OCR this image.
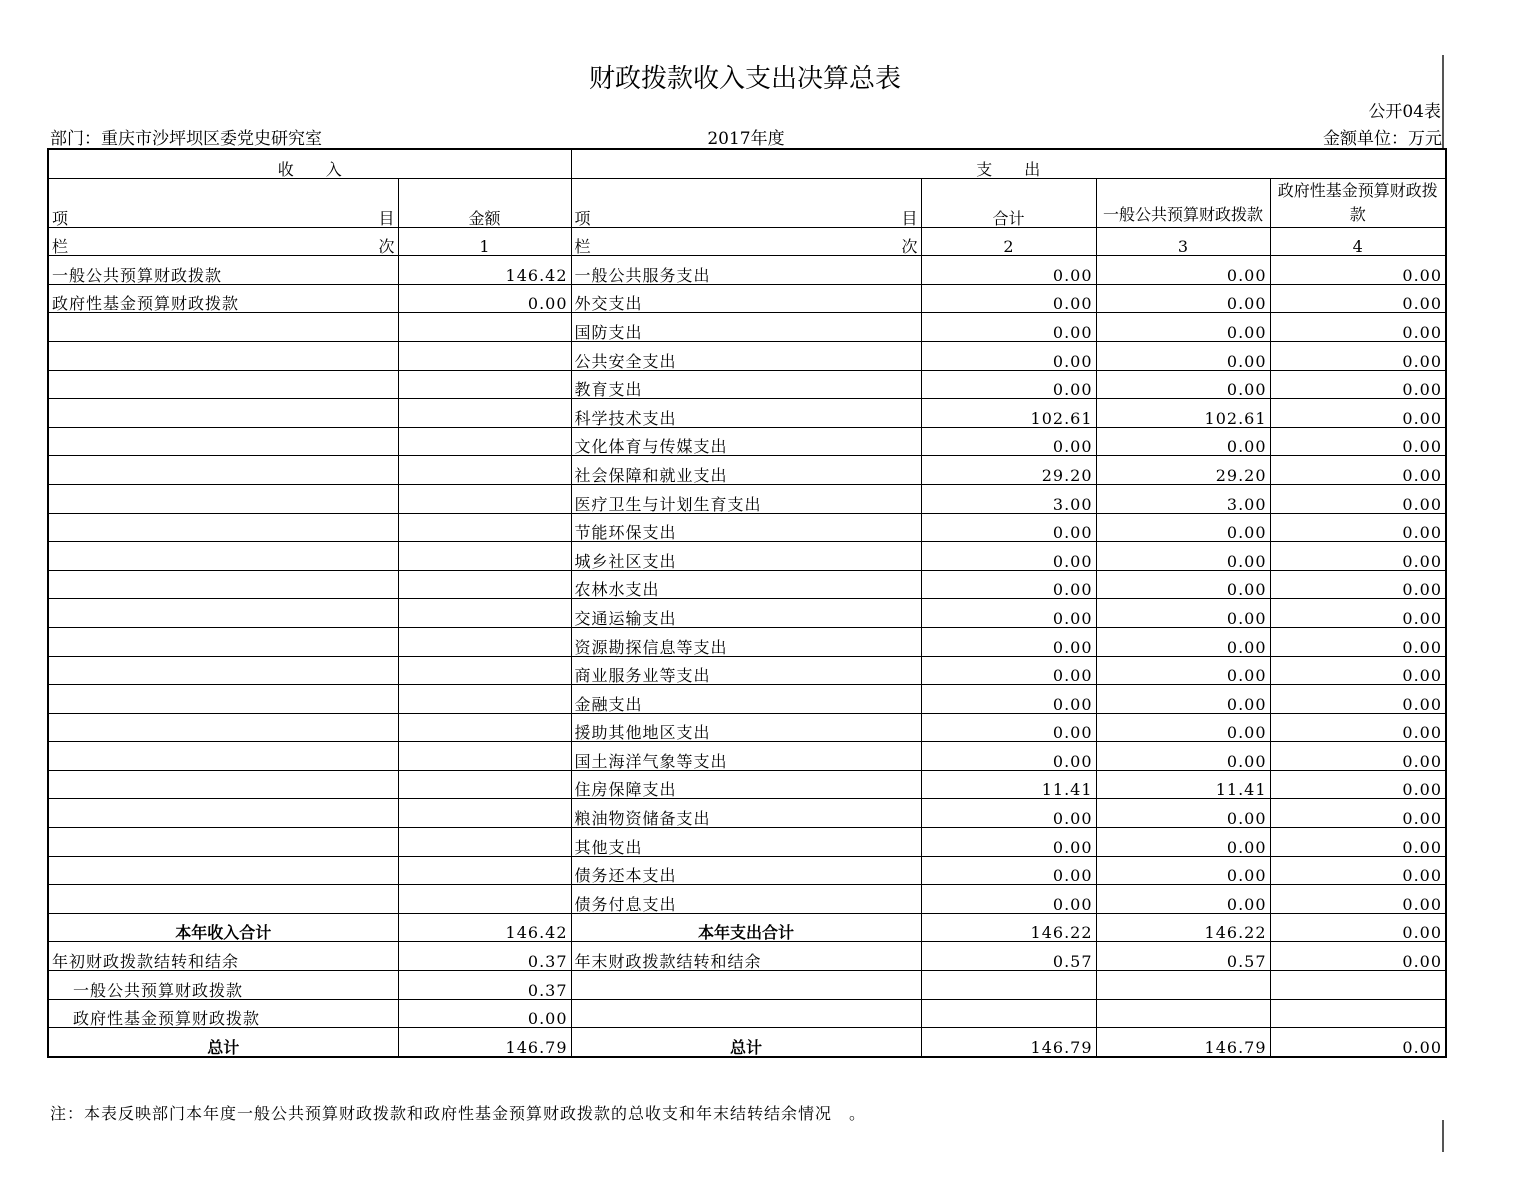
财政拨款收入支出决算总表
公开04表
部门：重庆市沙坪坝区委党史研究室	2017年度	金额单位：万元
收　　入		支　　出			

项 目	金额	项 目	合计	一般公共预算财政拨款	政府性基金预算财政拨款

栏 次	1	栏 次	2	3	4
一般公共预算财政拨款	146.42	一般公共服务支出	0.00	0.00	0.00
政府性基金预算财政拨款	0.00	外交支出	0.00	0.00	0.00
		国防支出	0.00	0.00	0.00
		公共安全支出	0.00	0.00	0.00
		教育支出	0.00	0.00	0.00
		科学技术支出	102.61	102.61	0.00
		文化体育与传媒支出	0.00	0.00	0.00
		社会保障和就业支出	29.20	29.20	0.00
		医疗卫生与计划生育支出	3.00	3.00	0.00
		节能环保支出	0.00	0.00	0.00
		城乡社区支出	0.00	0.00	0.00
		农林水支出	0.00	0.00	0.00
		交通运输支出	0.00	0.00	0.00
		资源勘探信息等支出	0.00	0.00	0.00
		商业服务业等支出	0.00	0.00	0.00
		金融支出	0.00	0.00	0.00
		援助其他地区支出	0.00	0.00	0.00
		国土海洋气象等支出	0.00	0.00	0.00
		住房保障支出	11.41	11.41	0.00
		粮油物资储备支出	0.00	0.00	0.00
		其他支出	0.00	0.00	0.00
		债务还本支出	0.00	0.00	0.00
		债务付息支出	0.00	0.00	0.00
本年收入合计	146.42	本年支出合计	146.22	146.22	0.00
年初财政拨款结转和结余	0.37	年末财政拨款结转和结余	0.57	0.57	0.00
一般公共预算财政拨款	0.37				
政府性基金预算财政拨款	0.00				
总计	146.79	总计	146.79	146.79	0.00
注：本表反映部门本年度一般公共预算财政拨款和政府性基金预算财政拨款的总收支和年末结转结余情况　。
